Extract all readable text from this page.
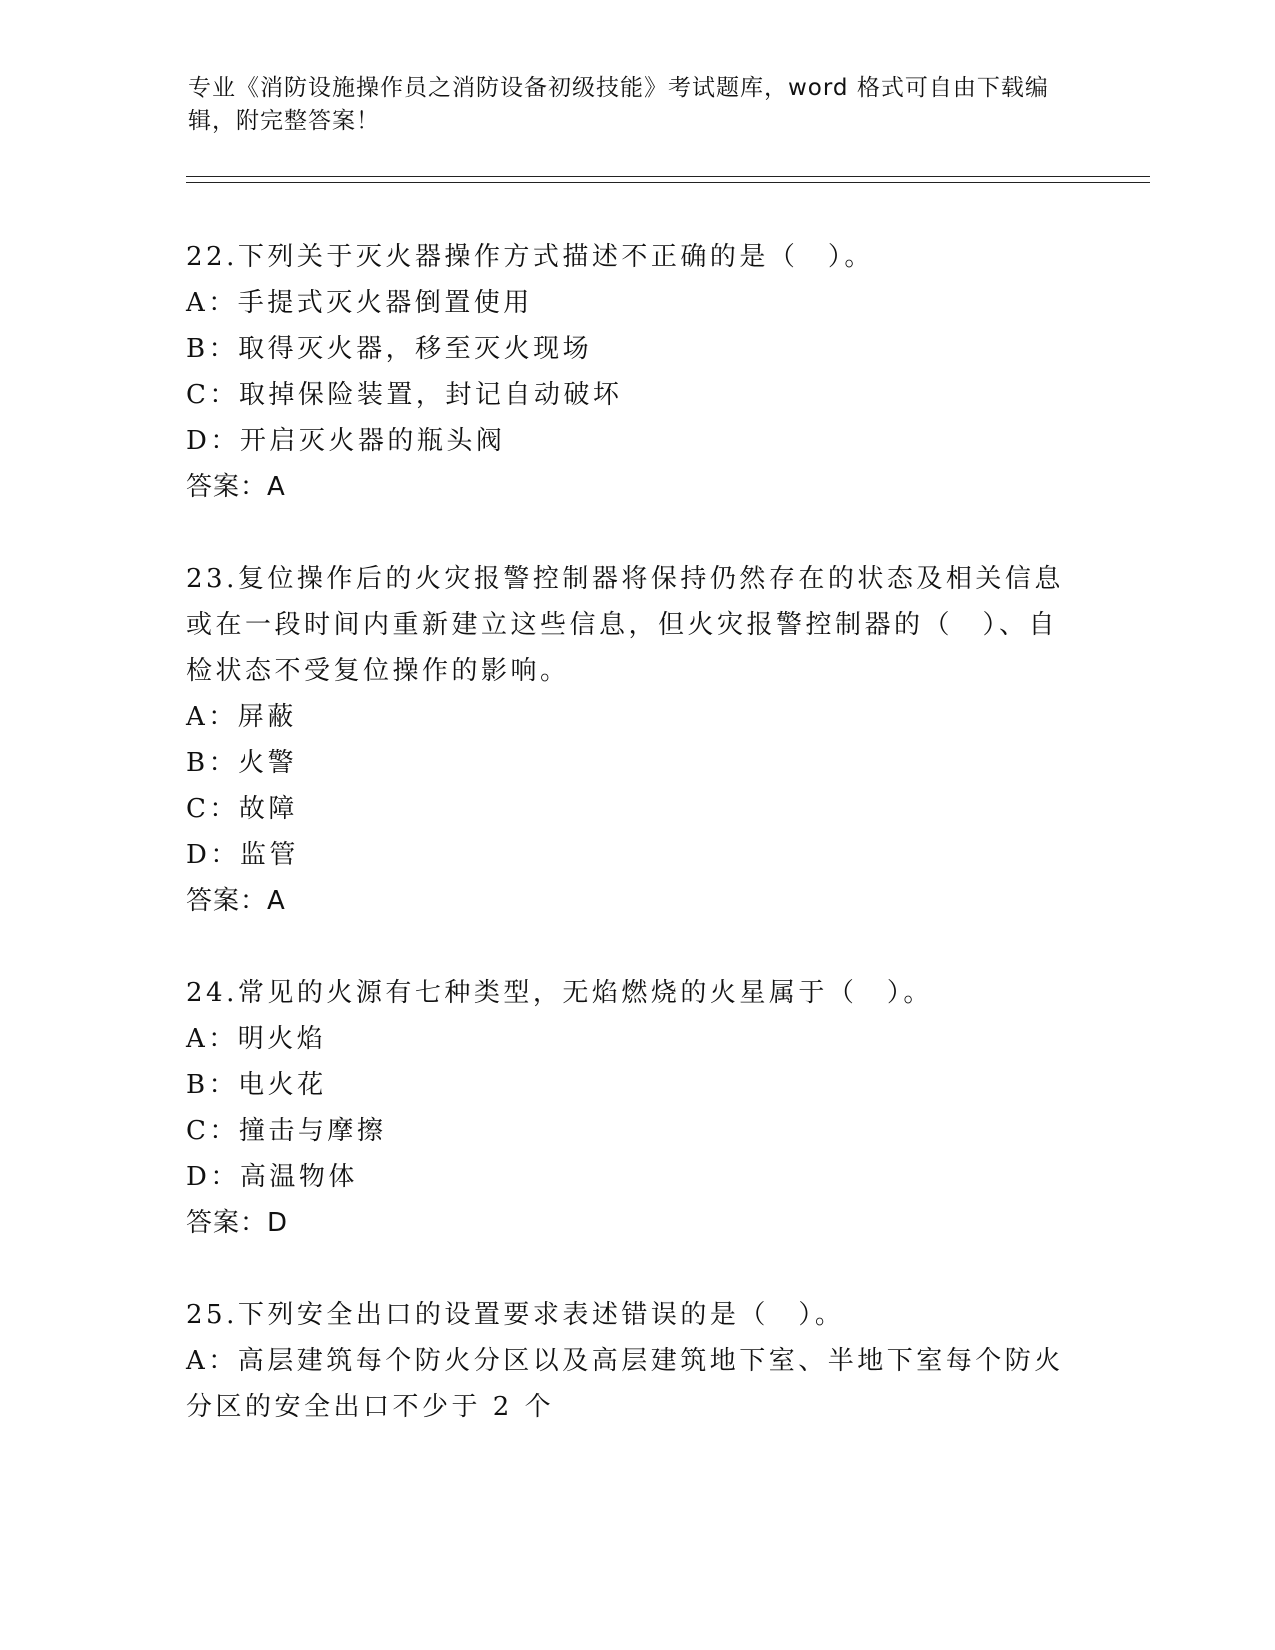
专业《消防设施操作员之消防设备初级技能》考试题库，word 格式可自由下载编辑，附完整答案！

22.下列关于灭火器操作方式描述不正确的是（　）。

A：手提式灭火器倒置使用

B：取得灭火器，移至灭火现场

C：取掉保险装置，封记自动破坏

D：开启灭火器的瓶头阀

答案：A

23.复位操作后的火灾报警控制器将保持仍然存在的状态及相关信息或在一段时间内重新建立这些信息，但火灾报警控制器的（　）、自检状态不受复位操作的影响。

A：屏蔽

B：火警

C：故障

D：监管

答案：A

24.常见的火源有七种类型，无焰燃烧的火星属于（　）。

A：明火焰

B：电火花

C：撞击与摩擦

D：高温物体

答案：D

25.下列安全出口的设置要求表述错误的是（　）。

A：高层建筑每个防火分区以及高层建筑地下室、半地下室每个防火分区的安全出口不少于 2 个
